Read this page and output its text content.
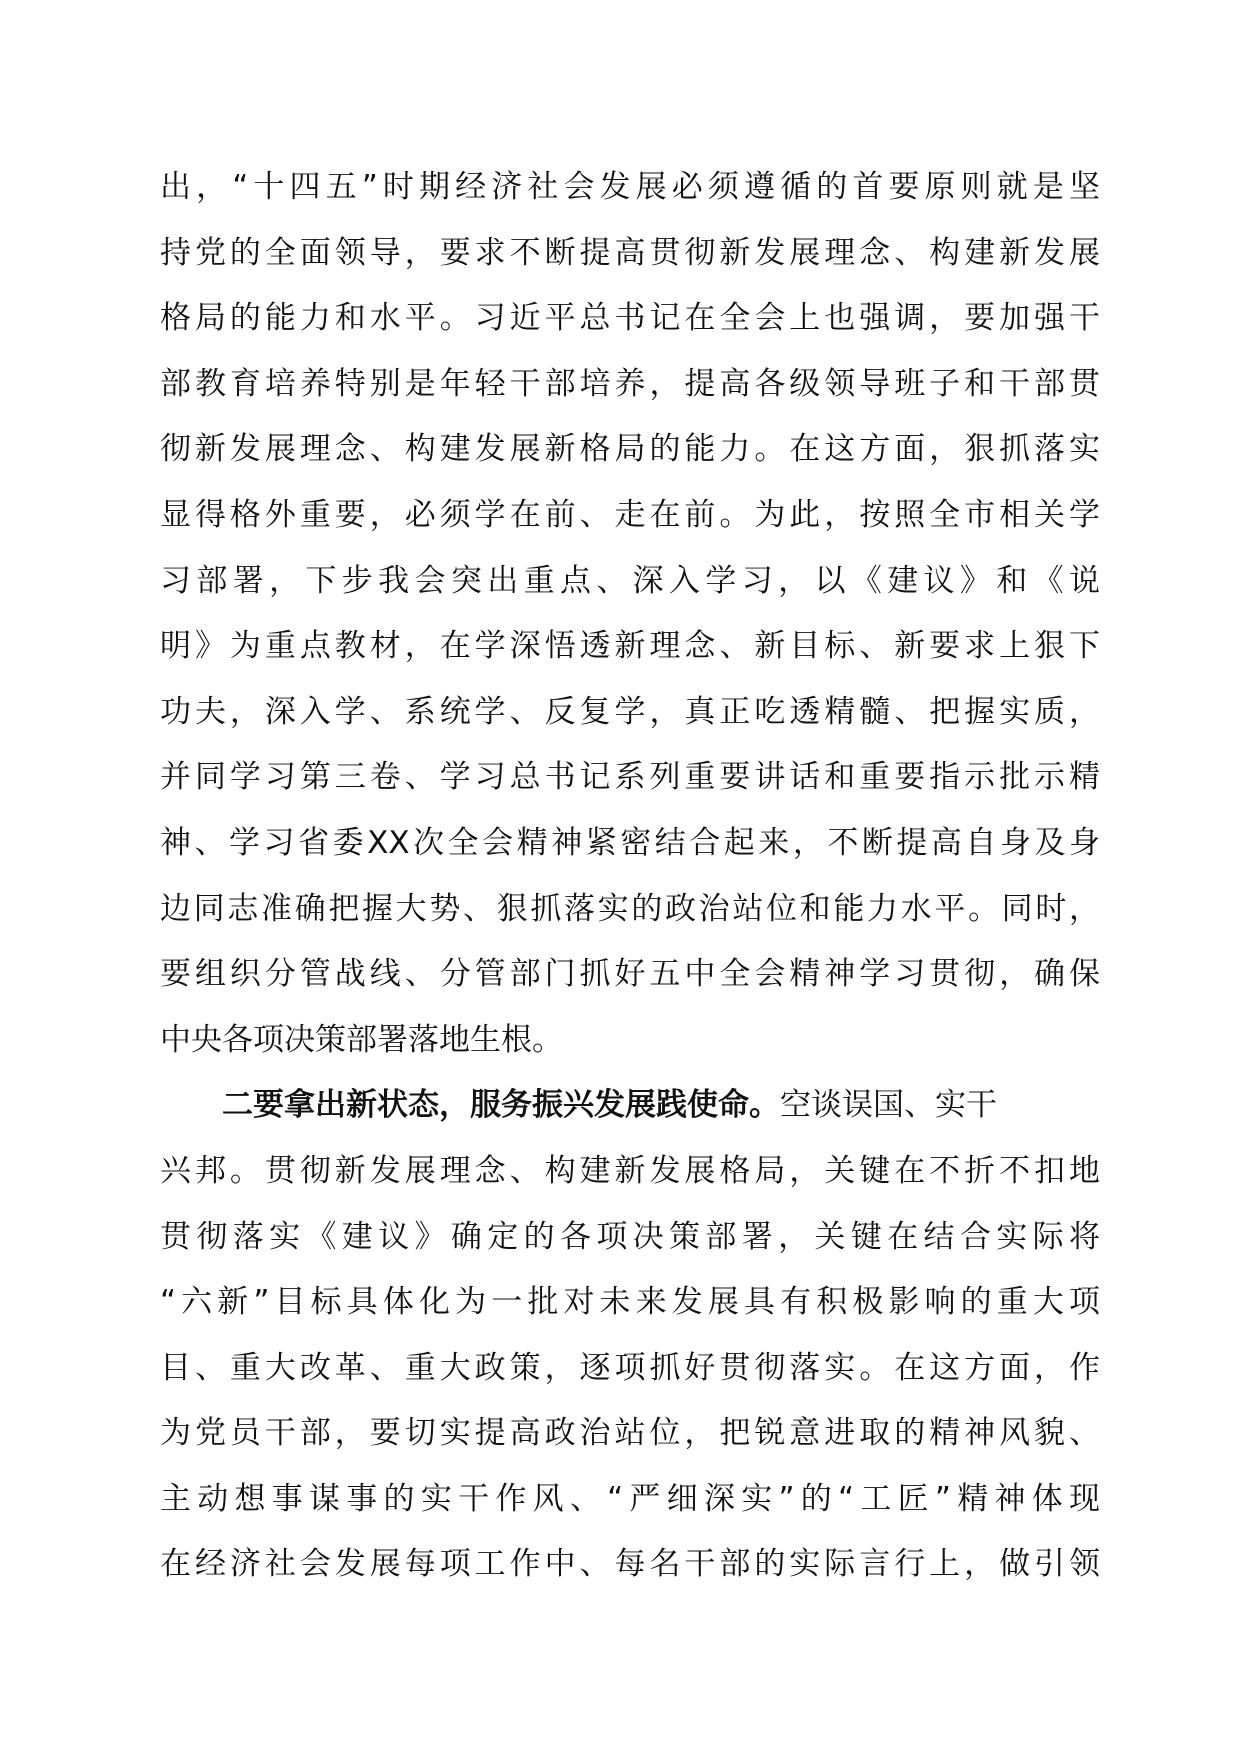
出，“十四五”时期经济社会发展必须遵循的首要原则就是坚
持党的全面领导，要求不断提高贯彻新发展理念、构建新发展
格局的能力和水平。习近平总书记在全会上也强调，要加强干
部教育培养特别是年轻干部培养，提高各级领导班子和干部贯
彻新发展理念、构建发展新格局的能力。在这方面，狠抓落实
显得格外重要，必须学在前、走在前。为此，按照全市相关学
习部署，下步我会突出重点、深入学习，以《建议》和《说
明》为重点教材，在学深悟透新理念、新目标、新要求上狠下
功夫，深入学、系统学、反复学，真正吃透精髓、把握实质，
并同学习第三卷、学习总书记系列重要讲话和重要指示批示精
神、学习省委XX次全会精神紧密结合起来，不断提高自身及身
边同志准确把握大势、狠抓落实的政治站位和能力水平。同时，
要组织分管战线、分管部门抓好五中全会精神学习贯彻，确保
中央各项决策部署落地生根。
二要拿出新状态，服务振兴发展践使命。空谈误国、实干
兴邦。贯彻新发展理念、构建新发展格局，关键在不折不扣地
贯彻落实《建议》确定的各项决策部署，关键在结合实际将
“六新”目标具体化为一批对未来发展具有积极影响的重大项
目、重大改革、重大政策，逐项抓好贯彻落实。在这方面，作
为党员干部，要切实提高政治站位，把锐意进取的精神风貌、
主动想事谋事的实干作风、“严细深实”的“工匠”精神体现
在经济社会发展每项工作中、每名干部的实际言行上，做引领
